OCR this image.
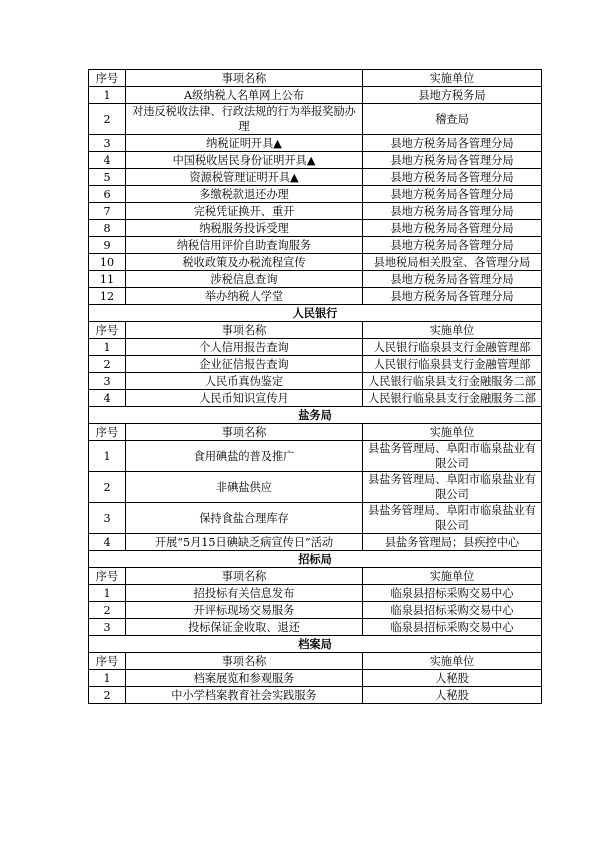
序号	事项名称	实施单位
1	A级纳税人名单网上公布	县地方税务局
2	对违反税收法律、行政法规的行为举报奖励办理	稽查局
3	纳税证明开具▲	县地方税务局各管理分局
4	中国税收居民身份证明开具▲	县地方税务局各管理分局
5	资源税管理证明开具▲	县地方税务局各管理分局
6	多缴税款退还办理	县地方税务局各管理分局
7	完税凭证换开、重开	县地方税务局各管理分局
8	纳税服务投诉受理	县地方税务局各管理分局
9	纳税信用评价自助查询服务	县地方税务局各管理分局
10	税收政策及办税流程宣传	县地税局相关股室、各管理分局
11	涉税信息查询	县地方税务局各管理分局
12	举办纳税人学堂	县地方税务局各管理分局
人民银行		
序号	事项名称	实施单位
1	个人信用报告查询	人民银行临泉县支行金融管理部
2	企业征信报告查询	人民银行临泉县支行金融管理部
3	人民币真伪鉴定	人民银行临泉县支行金融服务二部
4	人民币知识宣传月	人民银行临泉县支行金融服务二部
盐务局		
序号	事项名称	实施单位
1	食用碘盐的普及推广	县盐务管理局、阜阳市临泉盐业有限公司
2	非碘盐供应	县盐务管理局、阜阳市临泉盐业有限公司
3	保持食盐合理库存	县盐务管理局、阜阳市临泉盐业有限公司
4	开展“5月15日碘缺乏病宣传日”活动	县盐务管理局；县疾控中心
招标局		
序号	事项名称	实施单位
1	招投标有关信息发布	临泉县招标采购交易中心
2	开评标现场交易服务	临泉县招标采购交易中心
3	投标保证金收取、退还	临泉县招标采购交易中心
档案局		
序号	事项名称	实施单位
1	档案展览和参观服务	人秘股
2	中小学档案教育社会实践服务	人秘股
